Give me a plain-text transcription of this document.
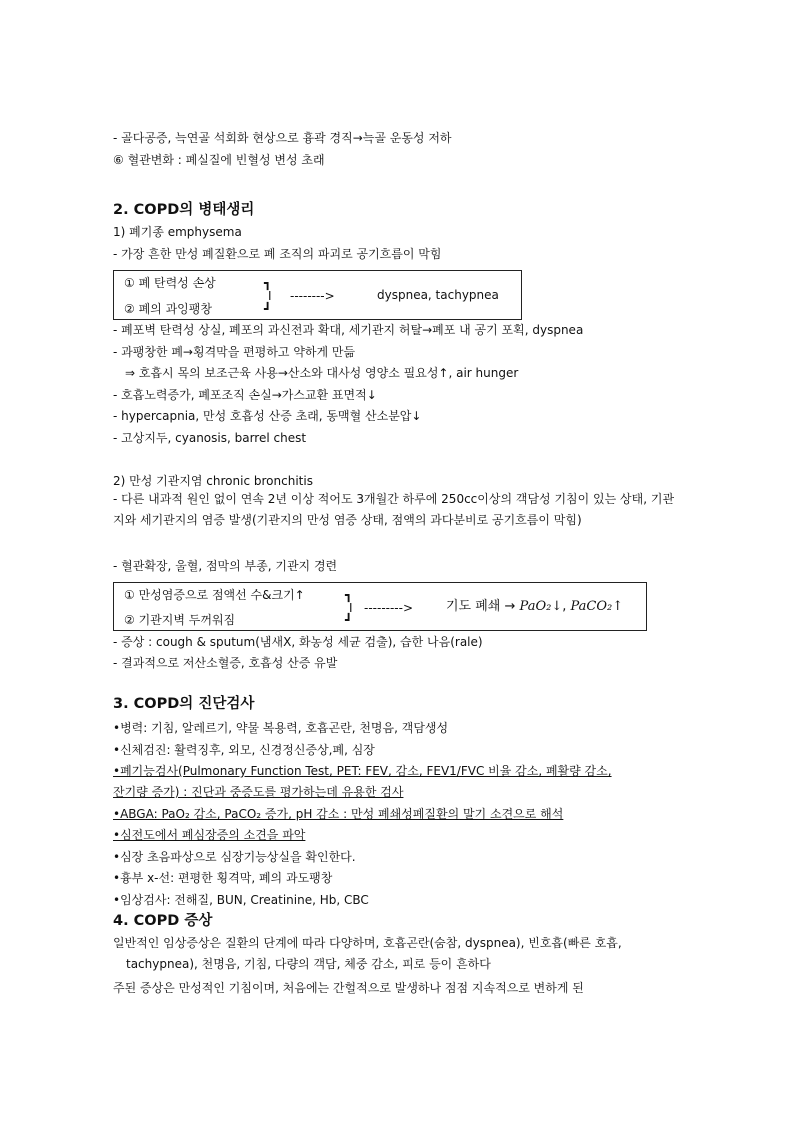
- 골다공증, 늑연골 석회화 현상으로 흉곽 경직→늑골 운동성 저하
⑥ 혈관변화 : 폐실질에 빈혈성 변성 초래
2. COPD의 병태생리
1) 폐기종 emphysema
- 가장 흔한 만성 폐질환으로 폐 조직의 파괴로 공기흐름이 막힘
① 폐 탄력성 손상
② 폐의 과잉팽창
┓
I
┛
-------->	dyspnea, tachypnea
- 폐포벽 탄력성 상실, 폐포의 과신전과 확대, 세기관지 허탈→폐포 내 공기 포획, dyspnea
- 과팽창한 폐→횡격막을 편평하고 약하게 만듦
⇒ 호흡시 목의 보조근육 사용→산소와 대사성 영양소 필요성↑, air hunger
- 호흡노력증가, 폐포조직 손실→가스교환 표면적↓
- hypercapnia, 만성 호흡성 산증 초래, 동맥혈 산소분압↓
- 고상지두, cyanosis, barrel chest
2) 만성 기관지염 chronic bronchitis
- 다른 내과적 원인 없이 연속 2년 이상 적어도 3개월간 하루에 250cc이상의 객담성 기침이 있는 상태, 기관지와 세기관지의 염증 발생(기관지의 만성 염증 상태, 점액의 과다분비로 공기흐름이 막힘)
- 혈관확장, 울혈, 점막의 부종, 기관지 경련
① 만성염증으로 점액선 수&크기↑
② 기관지벽 두꺼워짐
┓
I
┛
--------->	기도 폐쇄 → PaO₂↓, PaCO₂↑
- 증상 : cough & sputum(냄새X, 화농성 세균 검출), 습한 나음(rale)
- 결과적으로 저산소혈증, 호흡성 산증 유발
3. COPD의 진단검사
•병력: 기침, 알레르기, 약물 복용력, 호흡곤란, 천명음, 객담생성
•신체검진: 활력징후, 외모, 신경정신증상,폐, 심장
•폐기능검사(Pulmonary Function Test, PET: FEV, 감소, FEV1/FVC 비율 감소, 폐활량 감소,
잔기량 증가) : 진단과 중증도를 평가하는데 유용한 검사
•ABGA: PaO₂ 감소, PaCO₂ 증가, pH 감소 : 만성 폐쇄성폐질환의 말기 소견으로 해석
•심전도에서 폐심장증의 소견을 파악
•심장 초음파상으로 심장기능상실을 확인한다.
•흉부 x-선: 편평한 횡격막, 폐의 과도팽창
•임상검사: 전해질, BUN, Creatinine, Hb, CBC
4. COPD 증상
일반적인 임상증상은 질환의 단계에 따라 다양하며, 호흡곤란(숨참, dyspnea), 빈호흡(빠른 호흡, tachypnea), 천명음, 기침, 다량의 객담, 체중 감소, 피로 등이 흔하다
주된 증상은 만성적인 기침이며, 처음에는 간헐적으로 발생하나 점점 지속적으로 변하게 된
